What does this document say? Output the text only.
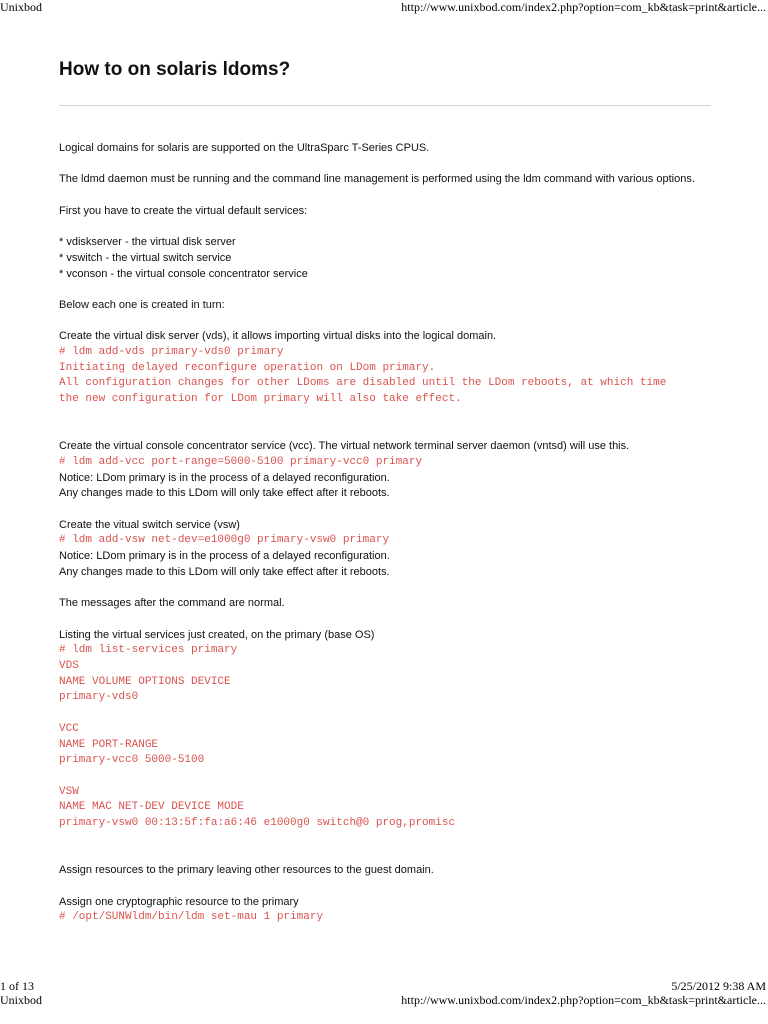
Unixbod	http://www.unixbod.com/index2.php?option=com_kb&task=print&article...
How to on solaris ldoms?

Logical domains for solaris are supported on the UltraSparc T-Series CPUS.

The ldmd daemon must be running and the command line management is performed using the ldm command with various options.

First you have to create the virtual default services:

* vdiskserver - the virtual disk server

* vswitch - the virtual switch service

* vconson - the virtual console concentrator service

Below each one is created in turn:

Create the virtual disk server (vds), it allows importing virtual disks into the logical domain.

# ldm add-vds primary-vds0 primary

Initiating delayed reconfigure operation on LDom primary.

All configuration changes for other LDoms are disabled until the LDom reboots, at which time

the new configuration for LDom primary will also take effect.

Create the virtual console concentrator service (vcc). The virtual network terminal server daemon (vntsd) will use this.

# ldm add-vcc port-range=5000-5100 primary-vcc0 primary

Notice: LDom primary is in the process of a delayed reconfiguration.

Any changes made to this LDom will only take effect after it reboots.

Create the vitual switch service (vsw)

# ldm add-vsw net-dev=e1000g0 primary-vsw0 primary

Notice: LDom primary is in the process of a delayed reconfiguration.

Any changes made to this LDom will only take effect after it reboots.

The messages after the command are normal.

Listing the virtual services just created, on the primary (base OS)

# ldm list-services primary

VDS

NAME VOLUME OPTIONS DEVICE

primary-vds0

VCC

NAME PORT-RANGE

primary-vcc0 5000-5100

VSW

NAME MAC NET-DEV DEVICE MODE

primary-vsw0 00:13:5f:fa:a6:46 e1000g0 switch@0 prog,promisc

Assign resources to the primary leaving other resources to the guest domain.

Assign one cryptographic resource to the primary

# /opt/SUNWldm/bin/ldm set-mau 1 primary

1 of 13	5/25/2012 9:38 AM
Unixbod	http://www.unixbod.com/index2.php?option=com_kb&task=print&article...
